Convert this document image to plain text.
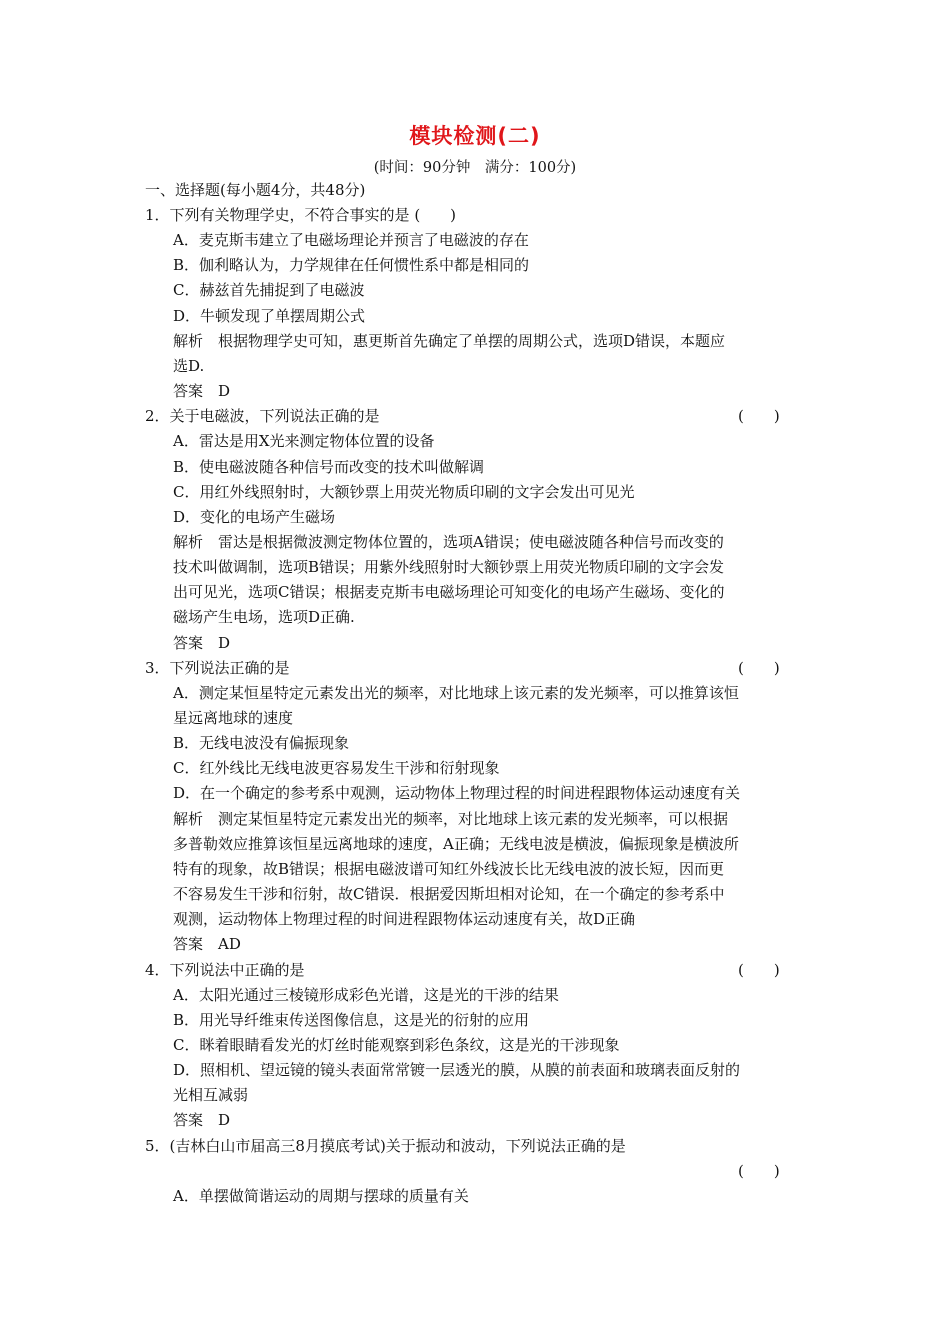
模块检测(二)
(时间：90分钟　满分：100分)
一、选择题(每小题4分，共48分)
1．下列有关物理学史，不符合事实的是 (　　)
A．麦克斯韦建立了电磁场理论并预言了电磁波的存在
B．伽利略认为，力学规律在任何惯性系中都是相同的
C．赫兹首先捕捉到了电磁波
D．牛顿发现了单摆周期公式
解析　根据物理学史可知，惠更斯首先确定了单摆的周期公式，选项D错误，本题应
选D.
答案　D
2．关于电磁波，下列说法正确的是	(　　)
A．雷达是用X光来测定物体位置的设备
B．使电磁波随各种信号而改变的技术叫做解调
C．用红外线照射时，大额钞票上用荧光物质印刷的文字会发出可见光
D．变化的电场产生磁场
解析　雷达是根据微波测定物体位置的，选项A错误；使电磁波随各种信号而改变的
技术叫做调制，选项B错误；用紫外线照射时大额钞票上用荧光物质印刷的文字会发
出可见光，选项C错误；根据麦克斯韦电磁场理论可知变化的电场产生磁场、变化的
磁场产生电场，选项D正确.
答案　D
3．下列说法正确的是	(　　)
A．测定某恒星特定元素发出光的频率，对比地球上该元素的发光频率，可以推算该恒
星远离地球的速度
B．无线电波没有偏振现象
C．红外线比无线电波更容易发生干涉和衍射现象
D．在一个确定的参考系中观测，运动物体上物理过程的时间进程跟物体运动速度有关
解析　测定某恒星特定元素发出光的频率，对比地球上该元素的发光频率，可以根据
多普勒效应推算该恒星远离地球的速度，A正确；无线电波是横波，偏振现象是横波所
特有的现象，故B错误；根据电磁波谱可知红外线波长比无线电波的波长短，因而更
不容易发生干涉和衍射，故C错误．根据爱因斯坦相对论知，在一个确定的参考系中
观测，运动物体上物理过程的时间进程跟物体运动速度有关，故D正确
答案　AD
4．下列说法中正确的是	(　　)
A．太阳光通过三棱镜形成彩色光谱，这是光的干涉的结果
B．用光导纤维束传送图像信息，这是光的衍射的应用
C．眯着眼睛看发光的灯丝时能观察到彩色条纹，这是光的干涉现象
D．照相机、望远镜的镜头表面常常镀一层透光的膜，从膜的前表面和玻璃表面反射的
光相互减弱
答案　D
5．(吉林白山市届高三8月摸底考试)关于振动和波动，下列说法正确的是
(　　)
A．单摆做简谐运动的周期与摆球的质量有关
